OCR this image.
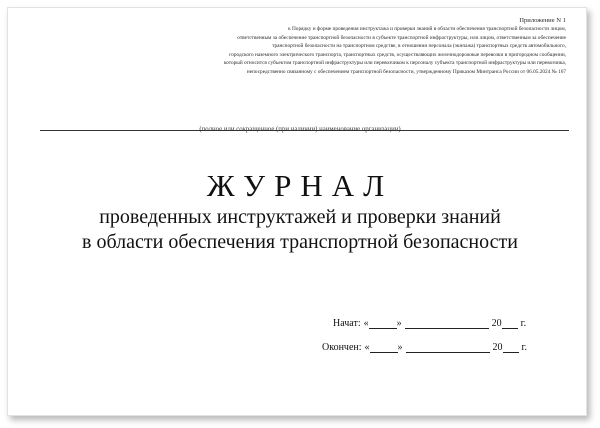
Приложение N 1
к Порядку и форме проведения инструктажа и проверки знаний в области обеспечения транспортной безопасности лицом,
ответственным за обеспечение транспортной безопасности в субъекте транспортной инфраструктуры, или лицом, ответственным за обеспечение
транспортной безопасности на транспортном средстве, в отношении персонала (экипажа) транспортных средств автомобильного,
городского наземного электрического транспорта, транспортных средств, осуществляющих железнодорожные перевозки в пригородном сообщении,
который относится субъектом транспортной инфраструктуры или перевозчиком к персоналу субъекта транспортной инфраструктуры или перевозчика,
непосредственно связанному с обеспечением транспортной безопасности, утвержденному Приказом Минтранса России от 06.05.2024 № 167
(полное или сокращенное (при наличии) наименование организации)
ЖУРНАЛ
проведенных инструктажей и проверки знаний
в области обеспечения транспортной безопасности
Начат: «	»	20 г.
Окончен: «	»	20 г.
